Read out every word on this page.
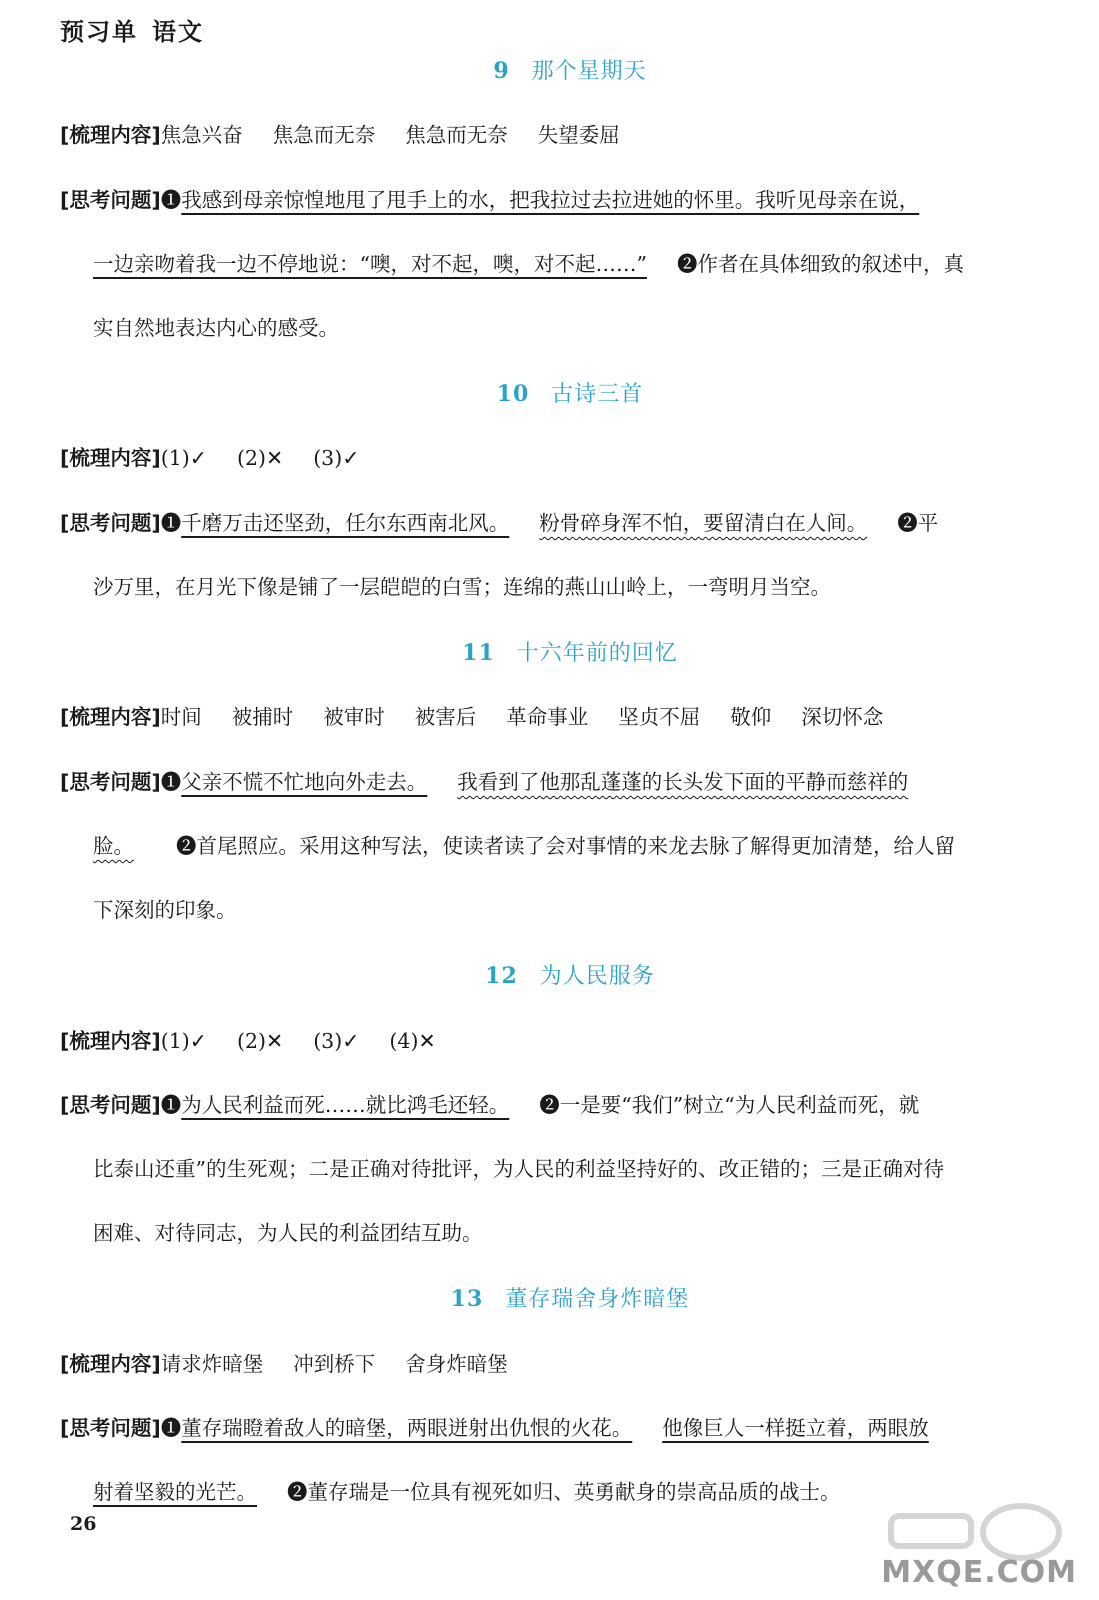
预习单 语文
9 那个星期天
[梳理内容]焦急兴奋 焦急而无奈 焦急而无奈 失望委屈
[思考问题]❶我感到母亲惊惶地甩了甩手上的水，把我拉过去拉进她的怀里。我听见母亲在说，
一边亲吻着我一边不停地说：“噢，对不起，噢，对不起……” ❷作者在具体细致的叙述中，真
实自然地表达内心的感受。
10 古诗三首
[梳理内容](1)✓ (2)✕ (3)✓
[思考问题]❶千磨万击还坚劲，任尔东西南北风。 粉骨碎身浑不怕，要留清白在人间。 ❷平
沙万里，在月光下像是铺了一层皑皑的白雪；连绵的燕山山岭上，一弯明月当空。
11 十六年前的回忆
[梳理内容]时间 被捕时 被审时 被害后 革命事业 坚贞不屈 敬仰 深切怀念
[思考问题]❶父亲不慌不忙地向外走去。 我看到了他那乱蓬蓬的长头发下面的平静而慈祥的
脸。 ❷首尾照应。采用这种写法，使读者读了会对事情的来龙去脉了解得更加清楚，给人留
下深刻的印象。
12 为人民服务
[梳理内容](1)✓ (2)✕ (3)✓ (4)✕
[思考问题]❶为人民利益而死……就比鸿毛还轻。 ❷一是要“我们”树立“为人民利益而死，就
比泰山还重”的生死观；二是正确对待批评，为人民的利益坚持好的、改正错的；三是正确对待
困难、对待同志，为人民的利益团结互助。
13 董存瑞舍身炸暗堡
[梳理内容]请求炸暗堡 冲到桥下 舍身炸暗堡
[思考问题]❶董存瑞瞪着敌人的暗堡，两眼迸射出仇恨的火花。 他像巨人一样挺立着，两眼放
射着坚毅的光芒。 ❷董存瑞是一位具有视死如归、英勇献身的崇高品质的战士。
26
MXQE.COM
